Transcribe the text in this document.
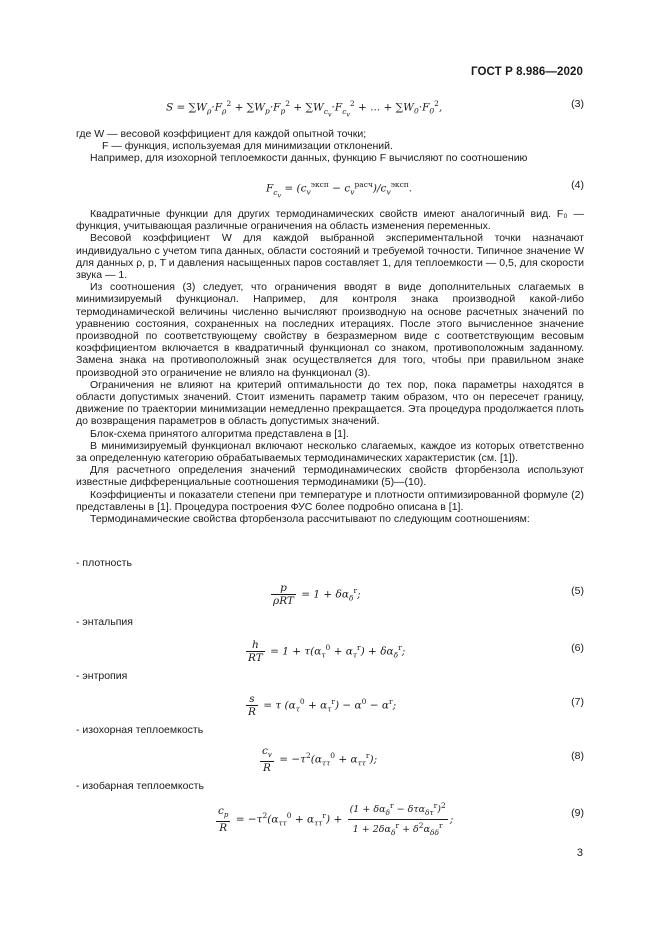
ГОСТ Р 8.986—2020
$S = \sum W_\rho\cdot F_\rho^2 + \sum W_p\cdot F_p^2 + \sum W_{c_v}\cdot F_{c_v}^2$ + ... + $\sum W_0\cdot F_0^2$,	(3)

где W — весовой коэффициент для каждой опытной точки;

F — функция, используемая для минимизации отклонений.

Например, для изохорной теплоемкости данных, функцию F вычисляют по соотношению

$F_{c_v} = (c_v^{эксп} - c_v^{расч})/c_v^{эксп}$.	(4)

Квадратичные функции для других термодинамических свойств имеют аналогичный вид. F₀ — функция, учитывающая различные ограничения на область изменения переменных.

Весовой коэффициент W для каждой выбранной экспериментальной точки назначают индивидуально с учетом типа данных, области состояний и требуемой точности. Типичное значение W для данных ρ, p, T и давления насыщенных паров составляет 1, для теплоемкости — 0,5, для скорости звука — 1.

Из соотношения (3) следует, что ограничения вводят в виде дополнительных слагаемых в минимизируемый функционал. Например, для контроля знака производной какой-либо термодинамической величины численно вычисляют производную на основе расчетных значений по уравнению состояния, сохраненных на последних итерациях. После этого вычисленное значение производной по соответствующему свойству в безразмерном виде с соответствующим весовым коэффициентом включается в квадратичный функционал со знаком, противоположным заданному. Замена знака на противоположный знак осуществляется для того, чтобы при правильном знаке производной это ограничение не влияло на функционал (3).

Ограничения не влияют на критерий оптимальности до тех пор, пока параметры находятся в области допустимых значений. Стоит изменить параметр таким образом, что он пересечет границу, движение по траектории минимизации немедленно прекращается. Эта процедура продолжается плоть до возвращения параметров в область допустимых значений.

Блок-схема принятого алгоритма представлена в [1].

В минимизируемый функционал включают несколько слагаемых, каждое из которых ответственно за определенную категорию обрабатываемых термодинамических характеристик (см. [1]).

Для расчетного определения значений термодинамических свойств фторбензола используют известные дифференциальные соотношения термодинамики (5)—(10).

Коэффициенты и показатели степени при температуре и плотности оптимизированной формуле (2) представлены в [1]. Процедура построения ФУС более подробно описана в [1].

Термодинамические свойства фторбензола рассчитывают по следующим соотношениям:

- плотность
$\frac{p}{\text{ρRT}} = 1 + \delta\alpha_\delta^r$;	(5)
- энтальпия
$\frac{h}{RT} = 1 + \tau(\alpha_\tau^0 + \alpha_\tau^r) + \delta\alpha_\delta^r$;	(6)
- энтропия
$\frac{s}{R} = \tau$ $(\alpha_\tau^0 + \alpha_\tau^r) - \alpha^0 - \alpha^r$;	(7)
- изохорная теплоемкость
$\frac{c_v}{R} = -\tau^2(\alpha_{\tau\tau}^0 + \alpha_{\tau\tau}^r)$;	(8)
- изобарная теплоемкость
$\frac{c_p}{R} = -\tau^2(\alpha_{\tau\tau}^0 + \alpha_{\tau\tau}^r) + \frac{(1 + \delta\alpha_\delta^r - \delta\tau\alpha_{\delta\tau}^r)^2}{1 + 2\delta\alpha_\delta^r + \delta^2\alpha_{\delta\delta}^r}$ ;
(9)
3
